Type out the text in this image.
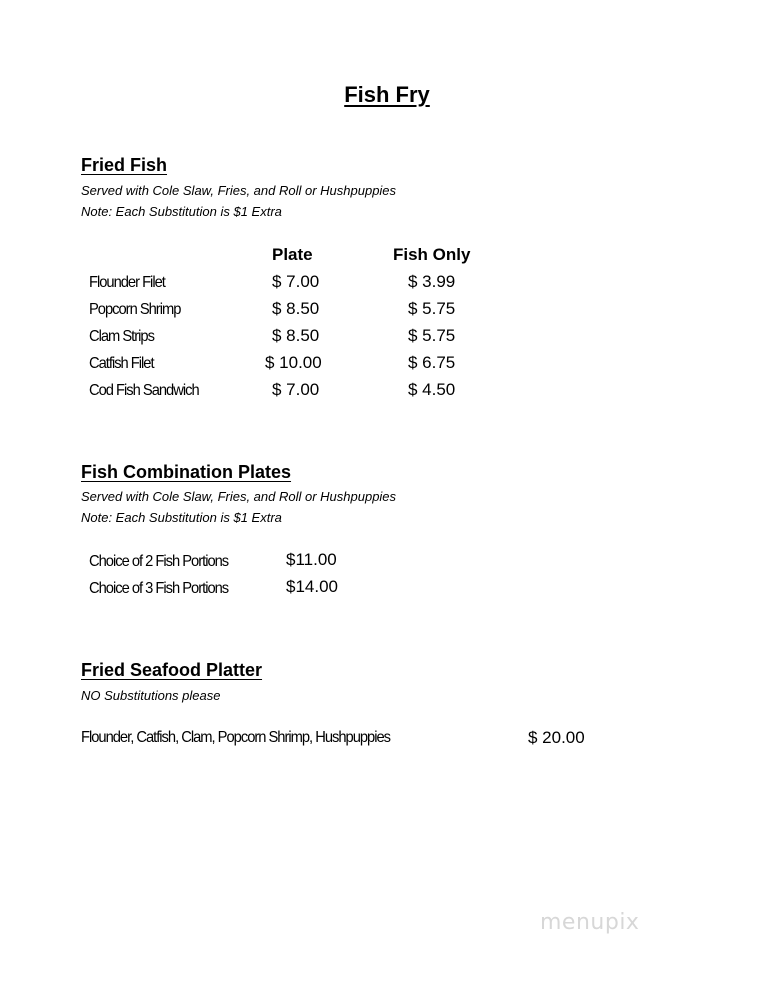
Fish Fry
Fried Fish
Served with Cole Slaw, Fries, and Roll or Hushpuppies
Note: Each Substitution is $1 Extra
Plate	Fish Only
Flounder Filet	$ 7.00	$ 3.99
Popcorn Shrimp	$ 8.50	$ 5.75
Clam Strips	$ 8.50	$ 5.75
Catfish Filet	$ 10.00	$ 6.75
Cod Fish Sandwich	$ 7.00	$ 4.50
Fish Combination Plates
Served with Cole Slaw, Fries, and Roll or Hushpuppies
Note: Each Substitution is $1 Extra
Choice of 2 Fish Portions	$11.00
Choice of 3 Fish Portions	$14.00
Fried Seafood Platter
NO Substitutions please
Flounder, Catfish, Clam, Popcorn Shrimp, Hushpuppies	$ 20.00
menupix
